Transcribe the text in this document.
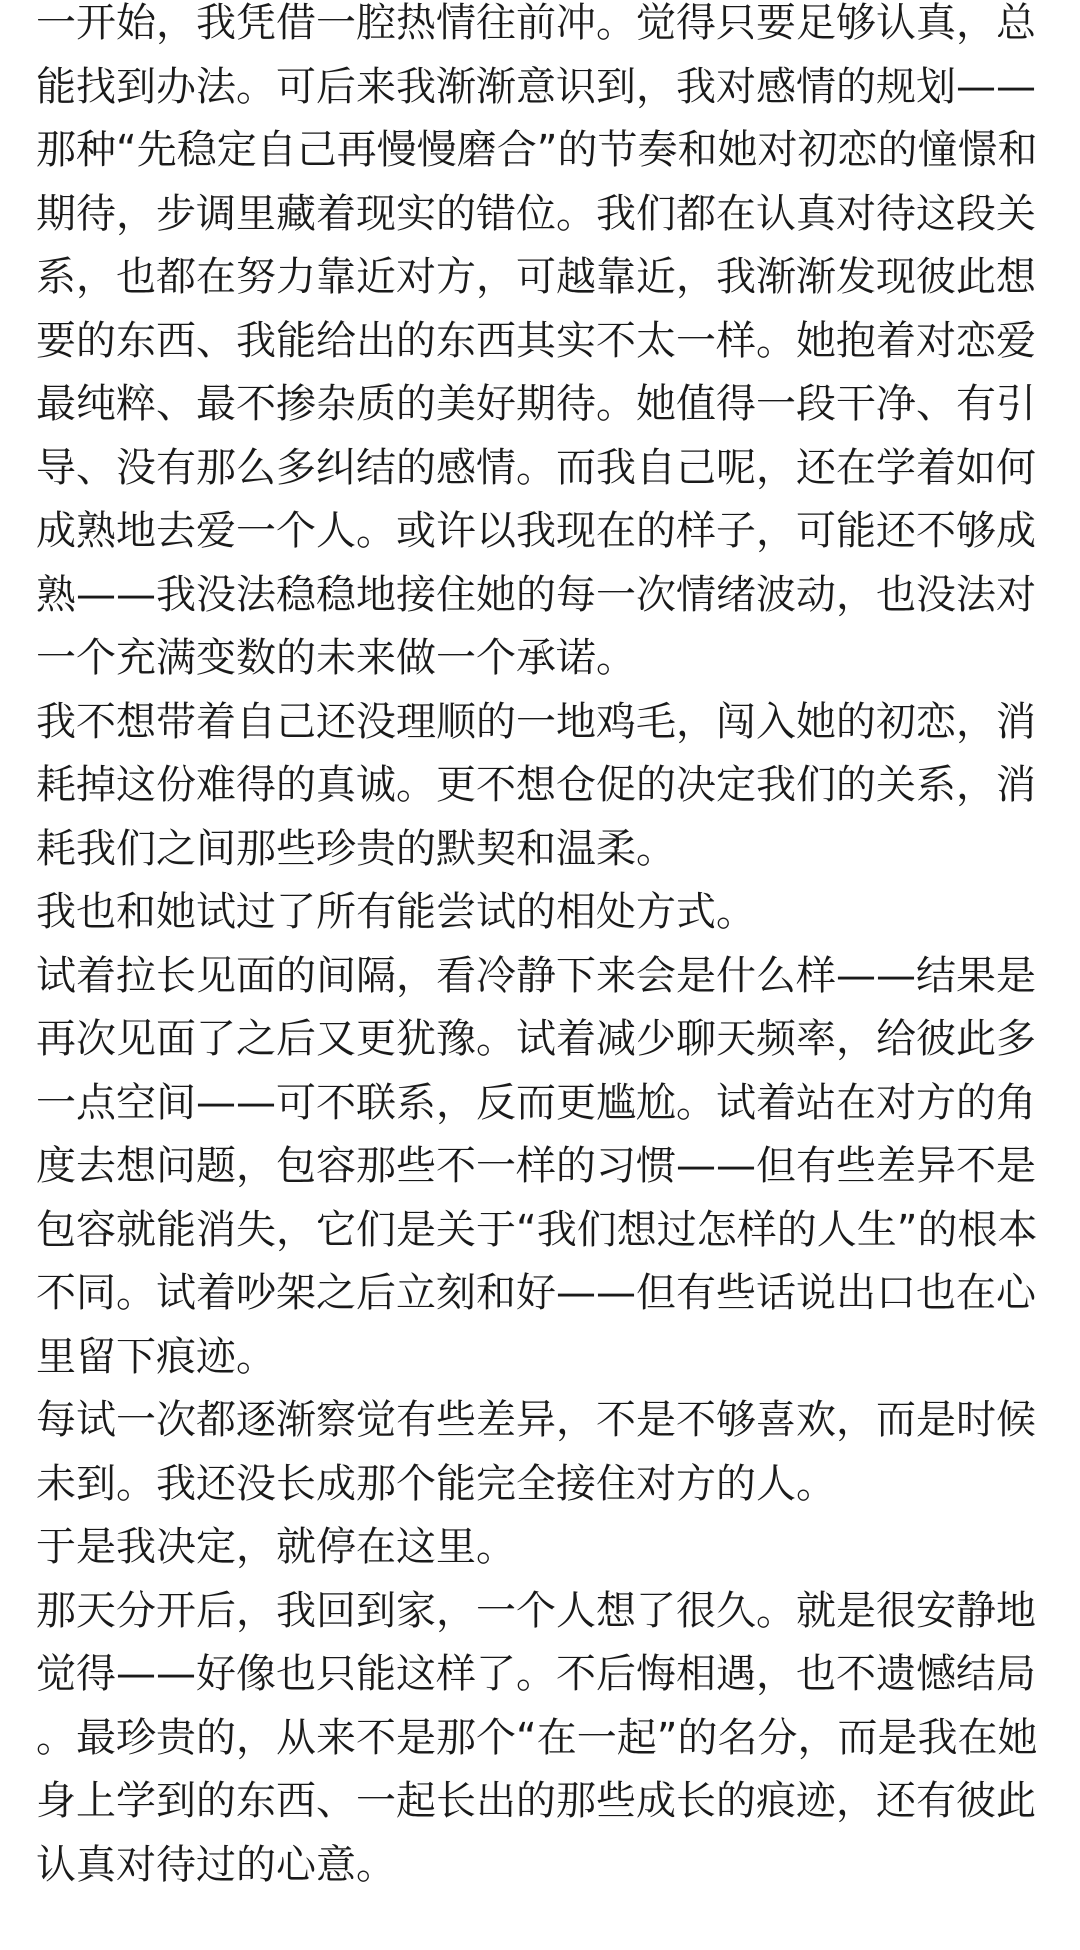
一开始，我凭借一腔热情往前冲。觉得只要足够认真，总能找到办法。可后来我渐渐意识到，我对感情的规划——那种“先稳定自己再慢慢磨合”的节奏和她对初恋的憧憬和期待，步调里藏着现实的错位。我们都在认真对待这段关系，也都在努力靠近对方，可越靠近，我渐渐发现彼此想要的东西、我能给出的东西其实不太一样。她抱着对恋爱最纯粹、最不掺杂质的美好期待。她值得一段干净、有引导、没有那么多纠结的感情。而我自己呢，还在学着如何成熟地去爱一个人。或许以我现在的样子，可能还不够成熟——我没法稳稳地接住她的每一次情绪波动，也没法对一个充满变数的未来做一个承诺。

我不想带着自己还没理顺的一地鸡毛，闯入她的初恋，消耗掉这份难得的真诚。更不想仓促的决定我们的关系，消耗我们之间那些珍贵的默契和温柔。

我也和她试过了所有能尝试的相处方式。

试着拉长见面的间隔，看冷静下来会是什么样——结果是再次见面了之后又更犹豫。试着减少聊天频率，给彼此多一点空间——可不联系，反而更尴尬。试着站在对方的角度去想问题，包容那些不一样的习惯——但有些差异不是包容就能消失，它们是关于“我们想过怎样的人生”的根本不同。试着吵架之后立刻和好——但有些话说出口也在心里留下痕迹。

每试一次都逐渐察觉有些差异，不是不够喜欢，而是时候未到。我还没长成那个能完全接住对方的人。

于是我决定，就停在这里。

那天分开后，我回到家，一个人想了很久。就是很安静地觉得——好像也只能这样了。不后悔相遇，也不遗憾结局。最珍贵的，从来不是那个“在一起”的名分，而是我在她身上学到的东西、一起长出的那些成长的痕迹，还有彼此认真对待过的心意。
